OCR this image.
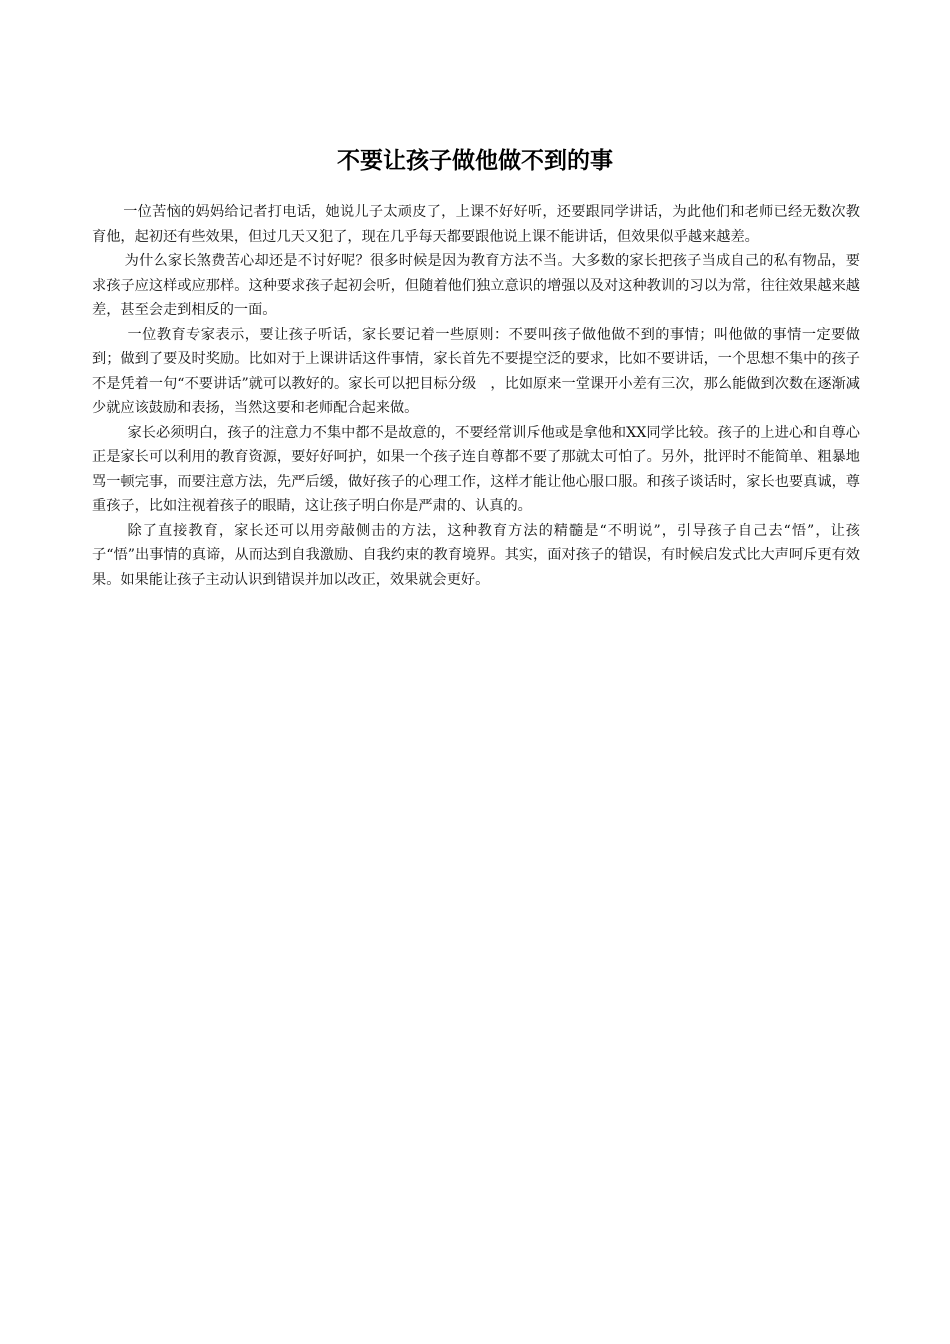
不要让孩子做他做不到的事

一位苦恼的妈妈给记者打电话，她说儿子太顽皮了，上课不好好听，还要跟同学讲话，为此他们和老师已经无数次教育他，起初还有些效果，但过几天又犯了，现在几乎每天都要跟他说上课不能讲话，但效果似乎越来越差。

为什么家长煞费苦心却还是不讨好呢？很多时候是因为教育方法不当。大多数的家长把孩子当成自己的私有物品，要求孩子应这样或应那样。这种要求孩子起初会听，但随着他们独立意识的增强以及对这种教训的习以为常，往往效果越来越差，甚至会走到相反的一面。

一位教育专家表示，要让孩子听话，家长要记着一些原则：不要叫孩子做他做不到的事情；叫他做的事情一定要做到；做到了要及时奖励。比如对于上课讲话这件事情，家长首先不要提空泛的要求，比如不要讲话，一个思想不集中的孩子不是凭着一句“不要讲话”就可以教好的。家长可以把目标分级　，比如原来一堂课开小差有三次，那么能做到次数在逐渐减少就应该鼓励和表扬，当然这要和老师配合起来做。

家长必须明白，孩子的注意力不集中都不是故意的，不要经常训斥他或是拿他和XX同学比较。孩子的上进心和自尊心正是家长可以利用的教育资源，要好好呵护，如果一个孩子连自尊都不要了那就太可怕了。另外，批评时不能简单、粗暴地骂一顿完事，而要注意方法，先严后缓，做好孩子的心理工作，这样才能让他心服口服。和孩子谈话时，家长也要真诚，尊重孩子，比如注视着孩子的眼睛，这让孩子明白你是严肃的、认真的。

除了直接教育，家长还可以用旁敲侧击的方法，这种教育方法的精髓是“不明说”，引导孩子自己去“悟”，让孩子“悟”出事情的真谛，从而达到自我激励、自我约束的教育境界。其实，面对孩子的错误，有时候启发式比大声呵斥更有效果。如果能让孩子主动认识到错误并加以改正，效果就会更好。
